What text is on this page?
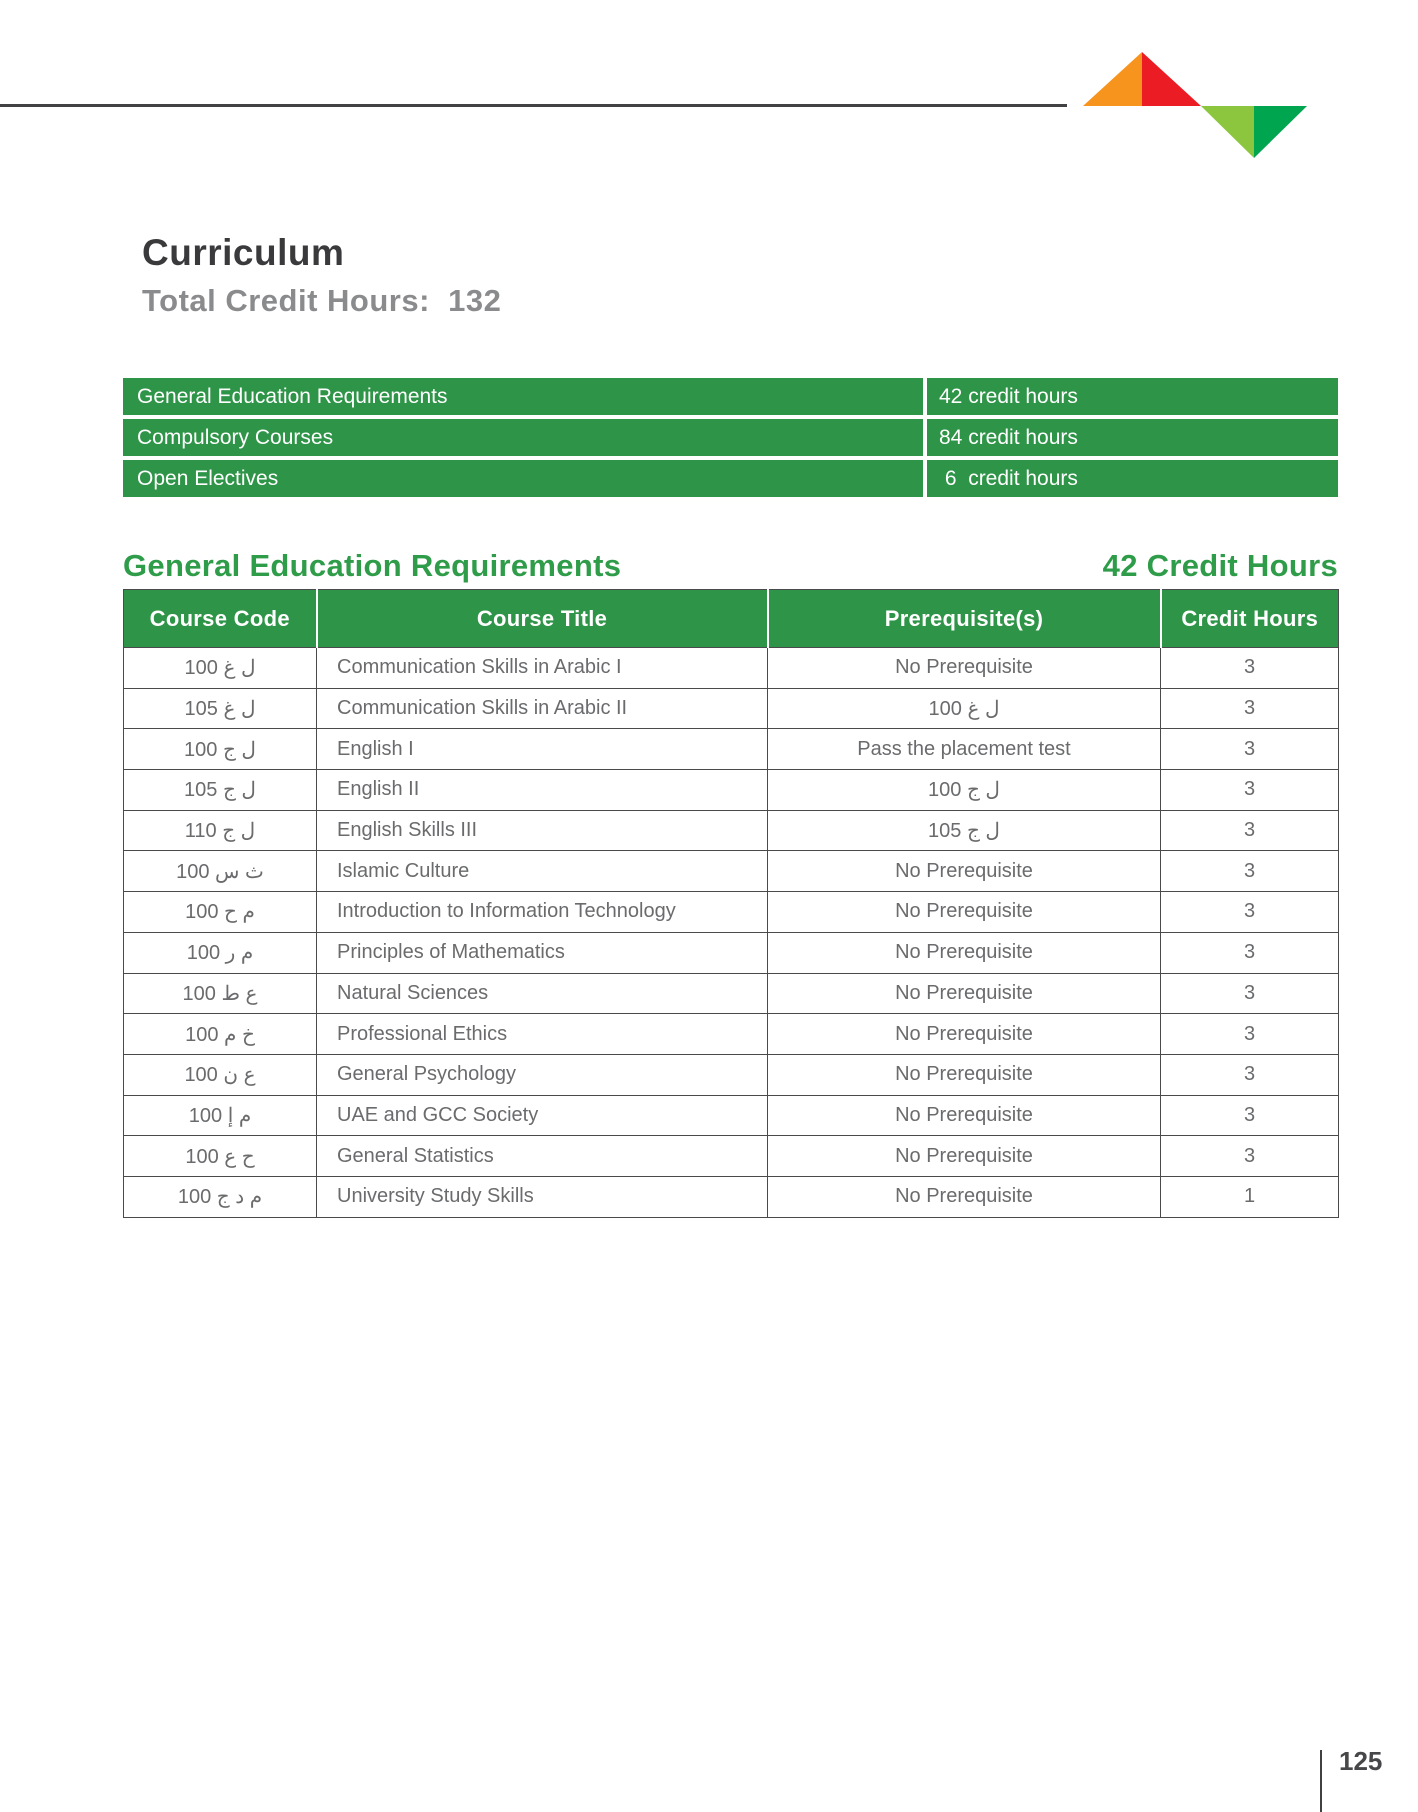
Curriculum
Total Credit Hours:  132
General Education Requirements	42 credit hours
Compulsory Courses	84 credit hours
Open Electives	6  credit hours
General Education Requirements	42 Credit Hours
Course Code	Course Title	Prerequisite(s)	Credit Hours
ل غ 100	Communication Skills in Arabic I	No Prerequisite	3
ل غ 105	Communication Skills in Arabic II	ل غ 100	3
ل ج 100	English I	Pass the placement test	3
ل ج 105	English II	ل ج 100	3
ل ج 110	English Skills III	ل ج 105	3
ث س 100	Islamic Culture	No Prerequisite	3
م ح 100	Introduction to Information Technology	No Prerequisite	3
م ر 100	Principles of Mathematics	No Prerequisite	3
ع ط 100	Natural Sciences	No Prerequisite	3
خ م 100	Professional Ethics	No Prerequisite	3
ع ن 100	General Psychology	No Prerequisite	3
م إ 100	UAE and GCC Society	No Prerequisite	3
ح ع 100	General Statistics	No Prerequisite	3
م د ج 100	University Study Skills	No Prerequisite	1
125
